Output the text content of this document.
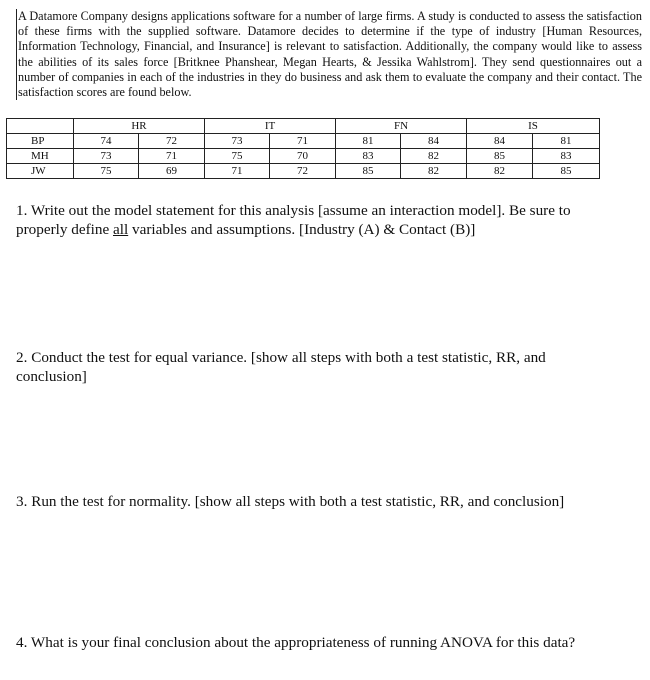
A Datamore Company designs applications software for a number of large firms. A study is conducted to assess the satisfaction of these firms with the supplied software. Datamore decides to determine if the type of industry [Human Resources, Information Technology, Financial, and Insurance] is relevant to satisfaction. Additionally, the company would like to assess the abilities of its sales force [Britknee Phanshear, Megan Hearts, & Jessika Wahlstrom]. They send questionnaires out a number of companies in each of the industries in they do business and ask them to evaluate the company and their contact. The satisfaction scores are found below.
	HR		IT		FN		IS	
BP	74	72	73	71	81	84	84	81
MH	73	71	75	70	83	82	85	83
JW	75	69	71	72	85	82	82	85
1. Write out the model statement for this analysis [assume an interaction model]. Be sure to properly define all variables and assumptions. [Industry (A) & Contact (B)]
2. Conduct the test for equal variance. [show all steps with both a test statistic, RR, and conclusion]
3. Run the test for normality. [show all steps with both a test statistic, RR, and conclusion]
4. What is your final conclusion about the appropriateness of running ANOVA for this data?
